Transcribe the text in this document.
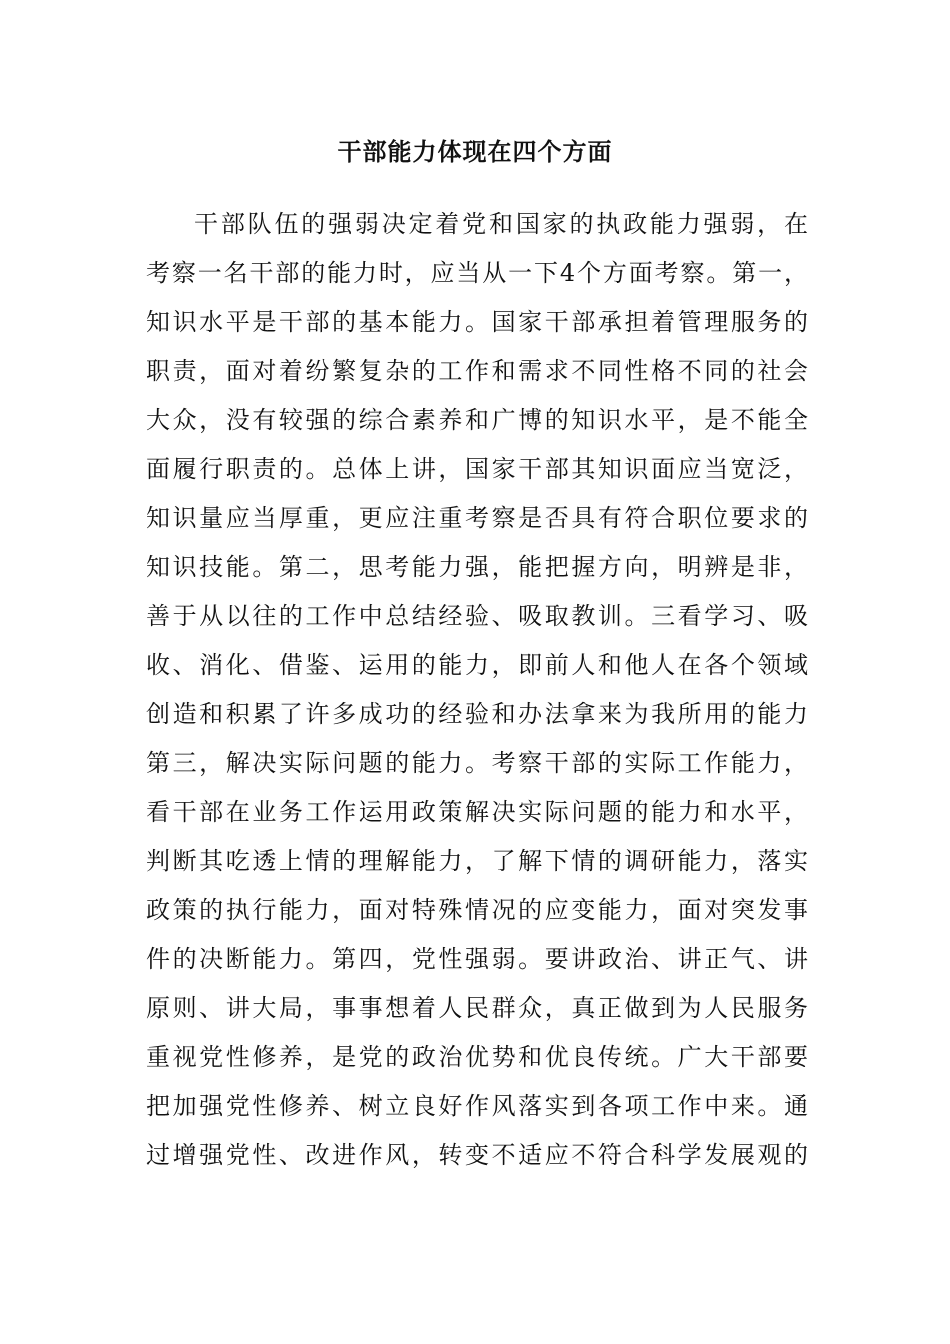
干部能力体现在四个方面
干部队伍的强弱决定着党和国家的执政能力强弱，在
考察一名干部的能力时，应当从一下4个方面考察。第一，
知识水平是干部的基本能力。国家干部承担着管理服务的
职责，面对着纷繁复杂的工作和需求不同性格不同的社会
大众，没有较强的综合素养和广博的知识水平，是不能全
面履行职责的。总体上讲，国家干部其知识面应当宽泛，
知识量应当厚重，更应注重考察是否具有符合职位要求的
知识技能。第二，思考能力强，能把握方向，明辨是非，
善于从以往的工作中总结经验、吸取教训。三看学习、吸
收、消化、借鉴、运用的能力，即前人和他人在各个领域
创造和积累了许多成功的经验和办法拿来为我所用的能力
第三，解决实际问题的能力。考察干部的实际工作能力，
看干部在业务工作运用政策解决实际问题的能力和水平，
判断其吃透上情的理解能力，了解下情的调研能力，落实
政策的执行能力，面对特殊情况的应变能力，面对突发事
件的决断能力。第四，党性强弱。要讲政治、讲正气、讲
原则、讲大局，事事想着人民群众，真正做到为人民服务
重视党性修养，是党的政治优势和优良传统。广大干部要
把加强党性修养、树立良好作风落实到各项工作中来。通
过增强党性、改进作风，转变不适应不符合科学发展观的
